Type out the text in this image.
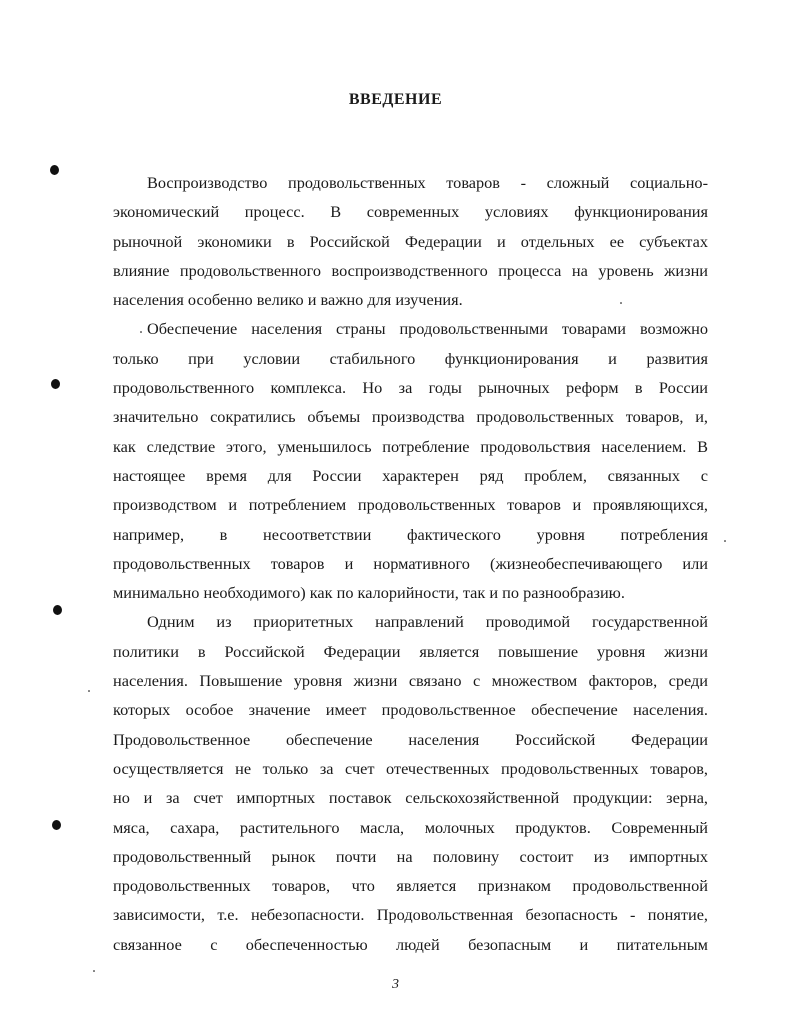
ВВЕДЕНИЕ
Воспроизводство продовольственных товаров - сложный социально-
экономический процесс. В современных условиях функционирования
рыночной экономики в Российской Федерации и отдельных ее субъектах
влияние продовольственного воспроизводственного процесса на уровень жизни
населения особенно велико и важно для изучения.
Обеспечение населения страны продовольственными товарами возможно
только при условии стабильного функционирования и развития
продовольственного комплекса. Но за годы рыночных реформ в России
значительно сократились объемы производства продовольственных товаров, и,
как следствие этого, уменьшилось потребление продовольствия населением. В
настоящее время для России характерен ряд проблем, связанных с
производством и потреблением продовольственных товаров и проявляющихся,
например, в несоответствии фактического уровня потребления
продовольственных товаров и нормативного (жизнеобеспечивающего или
минимально необходимого) как по калорийности, так и по разнообразию.
Одним из приоритетных направлений проводимой государственной
политики в Российской Федерации является повышение уровня жизни
населения. Повышение уровня жизни связано с множеством факторов, среди
которых особое значение имеет продовольственное обеспечение населения.
Продовольственное обеспечение населения Российской Федерации
осуществляется не только за счет отечественных продовольственных товаров,
но и за счет импортных поставок сельскохозяйственной продукции: зерна,
мяса, сахара, растительного масла, молочных продуктов. Современный
продовольственный рынок почти на половину состоит из импортных
продовольственных товаров, что является признаком продовольственной
зависимости, т.е. небезопасности. Продовольственная безопасность - понятие,
связанное с обеспеченностью людей безопасным и питательным
3
